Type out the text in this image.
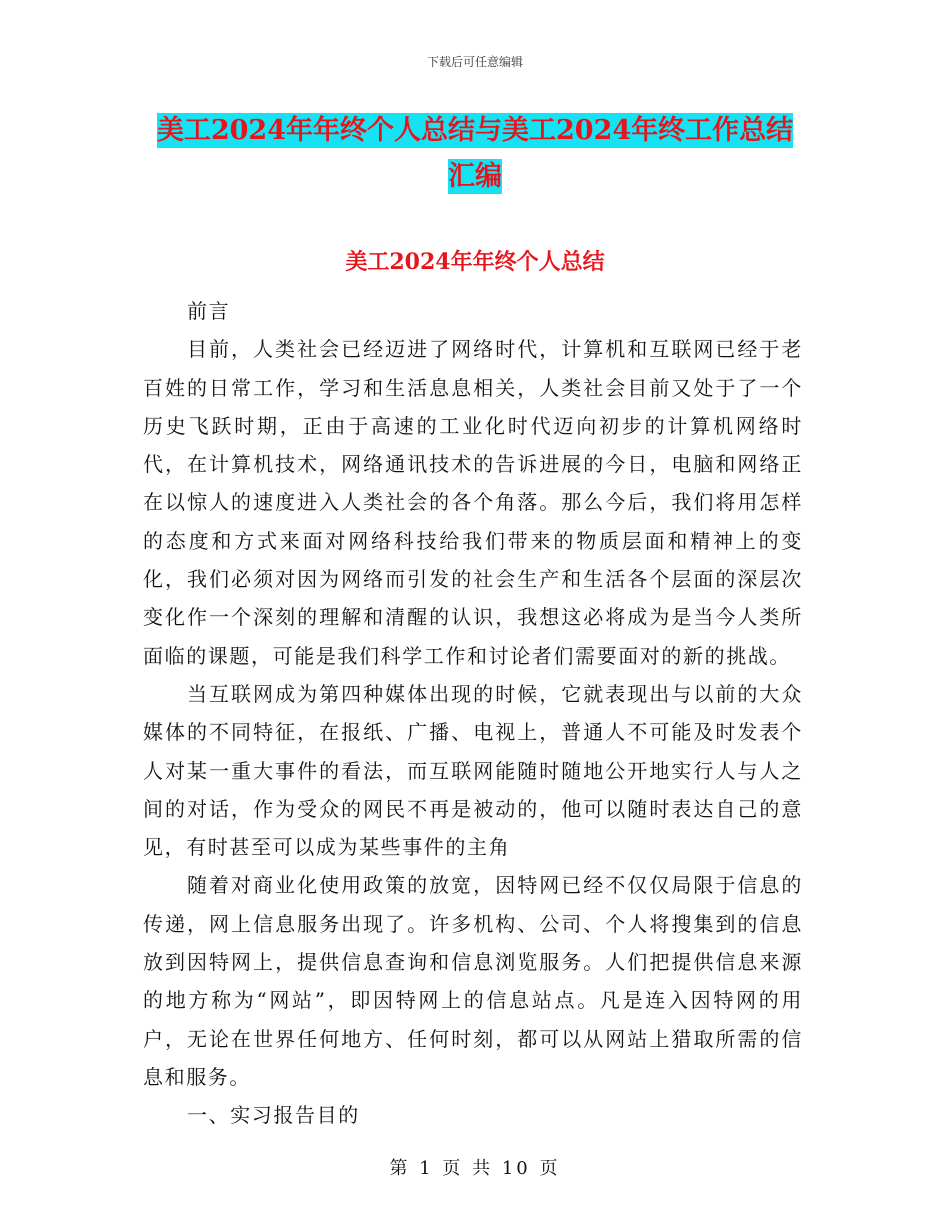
下载后可任意编辑
美工2024年年终个人总结与美工2024年终工作总结
汇编
美工2024年年终个人总结

前言

目前，人类社会已经迈进了网络时代，计算机和互联网已经于老百姓的日常工作，学习和生活息息相关，人类社会目前又处于了一个历史飞跃时期，正由于高速的工业化时代迈向初步的计算机网络时代，在计算机技术，网络通讯技术的告诉进展的今日，电脑和网络正在以惊人的速度进入人类社会的各个角落。那么今后，我们将用怎样的态度和方式来面对网络科技给我们带来的物质层面和精神上的变化，我们必须对因为网络而引发的社会生产和生活各个层面的深层次变化作一个深刻的理解和清醒的认识，我想这必将成为是当今人类所面临的课题，可能是我们科学工作和讨论者们需要面对的新的挑战。

当互联网成为第四种媒体出现的时候，它就表现出与以前的大众媒体的不同特征，在报纸、广播、电视上，普通人不可能及时发表个人对某一重大事件的看法，而互联网能随时随地公开地实行人与人之间的对话，作为受众的网民不再是被动的，他可以随时表达自己的意见，有时甚至可以成为某些事件的主角

随着对商业化使用政策的放宽，因特网已经不仅仅局限于信息的传递，网上信息服务出现了。许多机构、公司、个人将搜集到的信息放到因特网上，提供信息查询和信息浏览服务。人们把提供信息来源的地方称为“网站”，即因特网上的信息站点。凡是连入因特网的用户，无论在世界任何地方、任何时刻，都可以从网站上猎取所需的信息和服务。

一、实习报告目的

第 1 页 共 10 页
